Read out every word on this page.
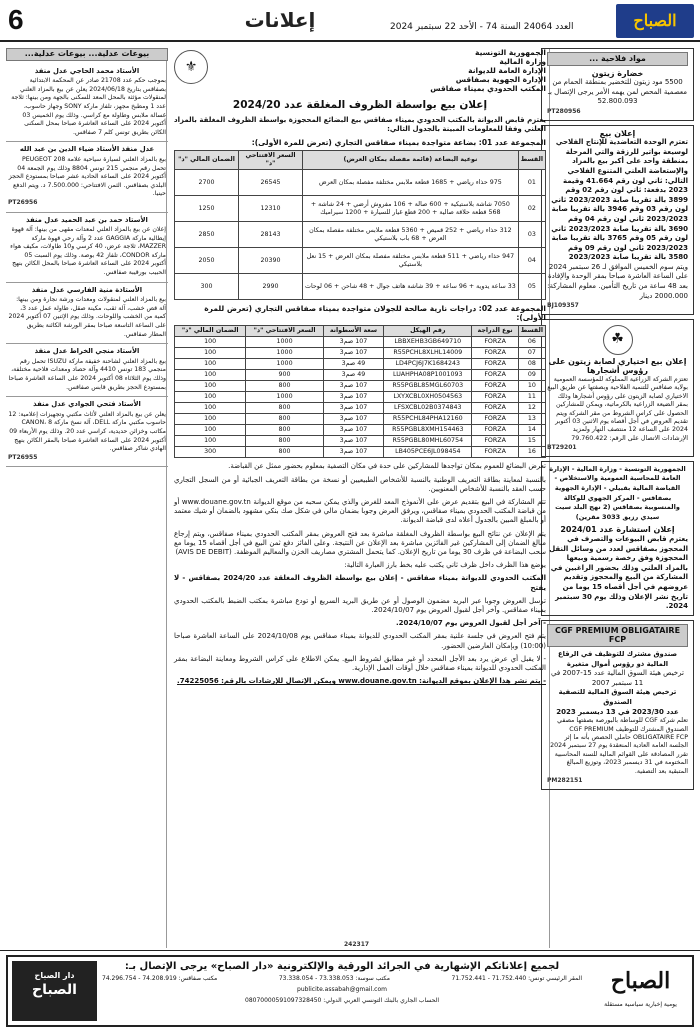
6	إعلانات	العدد 24064 السنة 74 - الأحد 22 سبتمبر 2024	الصباح
مواد فلاحية ...
خضارة زيتون
5500 مود زيتون للتخضير بمنطقة الحمام من معصمية المحص لمن يهمه الأمر يرجى الإتصال بـ 52.800.093
PT280956
إعلان بيع
تعتزم الوحدة التعاضدية للإنتاج الفلاحي لوسيعة بواتير للرزقة والتي المرحلة بمنطقة واحد على أكبر بيع بالمزاد والإستعاضة العلني المتنوع الفلاحي التالي: ثاني لون رقم 41.664 وقيمة 2023 بدفعة: ثاني لون رقم 02 وقم 3899 بالة تقريبا صابة 2023/2023 ثاني لون رقم 03 وقم 3946 بالة تقريبا صابة 2023/2023 ثاني لون رقم 04 وقم 3690 بالة تقريبا صابة 2023/2023 ثاني لون رقم 05 وقم 3765 بالة تقريبا صابة 2023/2023 ثاني لون رقم 09 وقم 3580 بالة تقريبا صابة 2023/2023
ويتم سوم الخميس الموافق لـ 26 سبتمبر 2024 على الساعة العاشرة صباحا بمقر الوحدة والإفادة بعد 48 ساعة من تاريخ التأمين. معلوم المشاركة: 2000.000 دينار
BJ109357
☘
إعلان بيع اختياري لصابة زيتون على رؤوس أشجارها
تعتزم الشركة الزراعية المملوكة للمؤسسة العمومية بولاية صفاقس للتنمية الفلاحية وبصفتها عن طريق البيع الاختياري لصابة الزيتون على رؤوس أشجارها وذلك بمقر الضيعة الزراعية بالكرماتية، ويمكن للمشاركين الحصول على كراس الشروط من مقر الشركة ويتم تقديم العروض في أجل أقصاه يوم الاثنين 03 أكتوبر 2024 على الساعة 12 منتصف النهار ولمزيد الإرشادات الاتصال على الرقم: 79.760.422
BT29201
الجمهورية التونسية - وزارة المالية - الإدارة العامة للمحاسبة العمومية والاستخلاص - القباضة المالية بقبيلي - الإدارة الجهوية بصفاقس - المركز الجهوي للوكالة والمنسوبية بصفاقس (2 نهج البلد سيت سيدي رزيق 3033 مقرين)
إعلان استشارة عدد 2024/01
يعتزم قابض البيوعات والتصرف في المحجوز بصفاقس لعدد من وسائل النقل المحجوزة وفق رخصة رسمية وبيعها بالمزاد العلني وذلك بحضور الراغبين في المشاركة من البيع والمحجوز وتقديم عروضهم في أجل أقصاه 15 يوما من تاريخ نشر الإعلان وذلك يوم 30 سبتمبر 2024.
CGF PREMIUM OBLIGATAIRE FCP
صندوق مشترك للتوظيف في الرقاع المالية ذو رؤوس أموال متغيرة
ترخيص هيئة السوق المالية عدد 15-2007 في 11 سبتمبر 2007
ترخيص هيئة السوق المالية للتصفية الصندوق
عدد 2023/30 في 13 ديسمبر 2023
تعلم شركة CGF للوساطة بالبورصة بصفتها مصفي الصندوق المشترك للتوظيف CGF PREMIUM OBLIGATAIRE FCP حاملي الحصص بأنه ما إثر الجلسة العامة العادية المنعقدة يوم 27 سبتمبر 2024 تقرر المصادقة على القوائم المالية للسنة المحاسبية المختومة في 31 ديسمبر 2023، وتوزيع المبالغ المتبقية بعد التصفية.
PM282151
الجمهورية التونسية
وزارة المالية
الإدارة العامة للديوانة
الإدارة الجهوية بصفاقس
المكتب الحدودي بميناء صفاقس
⚜
إعلان بيع بواسطة الظروف المغلقة عدد 2024/20
يعتزم قابض الديوانة بالمكتب الحدودي بميناء صفاقس بيع البضائع المحجوزة بواسطة الظروف المغلقة بالمزاد العلني وفقا للمعلومات المبينة بالجدول التالي:
المجموعة عدد 01: بضاعة متواجدة بميناء صفاقس التجاري (تعرض للمرة الأولى):
القسط	نوعية البضاعة (قائمة مفصلة بمكان العرض)	السعر الافتتاحي "د"	الضمان المالي "د"
01	975 حذاء رياضي + 1685 قطعة ملابس مختلفة مفصلة بمكان العرض	26545	2700
02	7050 شاشة بلاستيكية + 600 صالة + 106 مفروش أرضي + 24 شاشة + 568 قطعة حلاقة صالية + 200 قطع غيار للسيارة + 1200 سيراميك	12310	1250
03	312 حذاء رياضي + 252 قميص + 5360 قطعة ملابس مختلفة مفصلة بمكان العرض + 68 باب بلاستيكي	28143	2850
04	947 حذاء رياضي + 511 قطعة ملابس مختلفة مفصلة بمكان العرض + 15 نعل بلاستيكي	20390	2050
05	33 ساعة يدوية + 96 ساعة + 39 شاشة هاتف جوال + 48 شاحن + 06 لوحات	2990	300
المجموعة عدد 02: دراجات نارية صالحة للجولان متواجدة بميناء صفاقس التجاري (تعرض للمرة الأولى):
القسط	نوع الدراجة	رقم الهيكل	سعة الأسطوانة	السعر الافتتاحي "د"	الضمان المالي "د"
06	FORZA	LBBXEHB3GB649710	107 صم3	1000	100
07	FORZA	R55PCHL8XLHL14009	107 صم3	1000	100
08	FORZA	LD4PCJ6J7K1684243	49 صم3	1000	100
09	FORZA	LUAHPHA08P1001093	49 صم3	900	100
10	FORZA	R55PGBL85MGL60703	107 صم3	800	100
11	FORZA	LXYXCBL0XH0504563	107 صم3	1000	100
12	FORZA	LFSXCBL02B0374843	107 صم3	800	100
13	FORZA	R55PCHL84PHA12160	107 صم3	800	100
14	FORZA	R55PGBL8XMH154463	107 صم3	800	100
15	FORZA	R55PGBL80MHL60754	107 صم3	800	100
16	FORZA	LB405PCE6JL098454	107 صم3	800	300
تعرض البضائع للعموم بمكان تواجدها للمشاركين على حدة في مكان التصفية بمعلوم بحضور ممثل عن القباضة.
بالنسبة لمعاينة بطاقة التعريف الوطنية بالنسبة للأشخاص الطبيعيين أو نسخة من بطاقة التعريف الجبائية أو من السجل التجاري حسب العقد بالنسبة للأشخاص المعنويين.
تتم المشاركة في البيع بتقديم عرض على الأنموذج المعد للغرض والذي يمكن سحبه من موقع الديوانة www.douane.gov.tn أو من قباضة المكتب الحدودي بميناء صفاقس، ويرفق العرض وجوبا بضمان مالي في شكل صك بنكي مشهود بالضمان أو شيك معتمد أو بالمبلغ المبين بالجدول أعلاه لدى قباضة الديوانة.
يتم الإعلان عن نتائج البيع بواسطة الظروف المغلقة مباشرة بعد فتح العروض بمقر المكتب الحدودي بميناء صفاقس، ويتم إرجاع مبالغ الضمان إلى المشاركين غير الفائزين مباشرة بعد الإعلان عن النتيجة. وعلى الفائز دفع ثمن البيع في أجل أقصاه 15 يوما مع سحب البضاعة في ظرف 30 يوما من تاريخ الإعلان. كما يتحمل المشتري مصاريف الخزن والمعاليم الموظفة. (AVIS DE DEBIT)
يوضع هذا الظرف داخل ظرف ثاني يكتب عليه بخط بارز العبارة التالية:
المكتب الحدودي للديوانة بميناء صفاقس - إعلان بيع بواسطة الظروف المغلقة عدد 2024/20 بصفاقس - لا يفتح
ترسل العروض وجوبا عبر البريد مضمون الوصول أو عن طريق البريد السريع أو تودع مباشرة بمكتب الضبط بالمكتب الحدودي بميناء صفاقس. وآخر أجل لقبول العروض يوم 2024/10/07.
- آخر أجل لقبول العروض يوم 2024/10/07.
يتم فتح العروض في جلسة علنية بمقر المكتب الحدودي للديوانة بميناء صفاقس يوم 2024/10/08 على الساعة العاشرة صباحا (10:00) وبإمكان العارضين الحضور.
- لا يقبل أي عرض يرد بعد الأجل المحدد أو غير مطابق لشروط البيع. يمكن الاطلاع على كراس الشروط ومعاينة البضاعة بمقر المكتب الحدودي للديوانة بميناء صفاقس خلال أوقات العمل الإدارية.
- يتم نشر هذا الإعلان بموقع الديوانة: www.douane.gov.tn ويمكن الإتصال للإرشادات بالرقم: 74225056.
242317
بيوعات عدلية... بيوعات عدلية...
الأستاذ محمد الحاجي عدل منفذ
بموجب حكم عدد 21708 صادر عن المحكمة الابتدائية بصفاقس بتاريخ 2024/06/18 يعلن عن بيع بالمزاد العلني لمنقولات مؤثثة بالمحل المعد للسكنى بالجهة ومن بينها: ثلاجة عدد 1 ومطبخ مجهز، تلفاز ماركة SONY وجهاز حاسوب، غسالة ملابس وطاولة مع كراسي. وذلك يوم الخميس 03 أكتوبر 2024 على الساعة العاشرة صباحا بمحل السكنى الكائن بطريق تونس كلم 7 صفاقس.
عدل منفذ الأستاذ ضياء الدين بن عبد الله
بيع بالمزاد العلني لسيارة سياحية علامة PEUGEOT 208 تحمل رقم منجمي 215 تونس 8804 وذلك يوم الجمعة 04 أكتوبر 2024 على الساعة الحادية عشر صباحا بمستودع الحجز البلدي بصفاقس. الثمن الافتتاحي: 7.500.000 د. ويتم الدفع حينيا.
PT26956
الأستاذ حمد بن عبد الحميد عدل منفذ
إعلان عن بيع بالمزاد العلني لمعدات مقهى من بينها: آلة قهوة إيطالية ماركة GAGGIA عدد 2 وآلة رحي قهوة ماركة MAZZER، ثلاجة عرض، 40 كرسي و10 طاولات، مكيف هواء ماركة CONDOR، تلفاز 42 بوصة. وذلك يوم السبت 05 أكتوبر 2024 على الساعة العاشرة صباحا بالمحل الكائن بنهج الحبيب بورقيبة صفاقس.
الأستاذة منية الفارسي عدل منفذ
بيع بالمزاد العلني لمنقولات ومعدات ورشة نجارة ومن بينها: آلة قص خشب، آلة ثقب، مكينة صقل، طاولة عمل عدد 3، كمية من الخشب واللوحات. وذلك يوم الإثنين 07 أكتوبر 2024 على الساعة التاسعة صباحا بمقر الورشة الكائنة بطريق المطار صفاقس.
الأستاذ منجي الخراط عدل منفذ
بيع بالمزاد العلني لشاحنة خفيفة ماركة ISUZU تحمل رقم منجمي 183 تونس 4410 وآلة حصاد ومعدات فلاحية مختلفة، وذلك يوم الثلاثاء 08 أكتوبر 2024 على الساعة العاشرة صباحا بمستودع الحجز بطريق قابس صفاقس.
الأستاذ فتحي الجوادي عدل منفذ
يعلن عن بيع بالمزاد العلني لأثاث مكتبي وتجهيزات إعلامية: 12 حاسوب مكتبي ماركة DELL، آلة نسخ ماركة CANON، 8 مكاتب وخزائن حديدية، كراسي عدد 20. وذلك يوم الأربعاء 09 أكتوبر 2024 على الساعة العاشرة صباحا بالمقر الكائن بنهج الهادي شاكر صفاقس.
PT26955
الصباح
يومية إخبارية سياسية مستقلة
لجميع إعلاناتكم الإشهارية في الجرائد الورقية والإلكترونية «دار الصباح» يرجى الإتصال بـ:
مكتب صفاقس: 74.208.919 - 74.296.754	مكتب سوسة: 73.338.053 - 73.338.054	المقر الرئيسي تونس: 71.752.440 - 71.752.441
publicite.assabah@gmail.com
الحساب الجاري بالبنك التونسي العربي الدولي: 08070000591097328450
دار الصباح
الصباح
